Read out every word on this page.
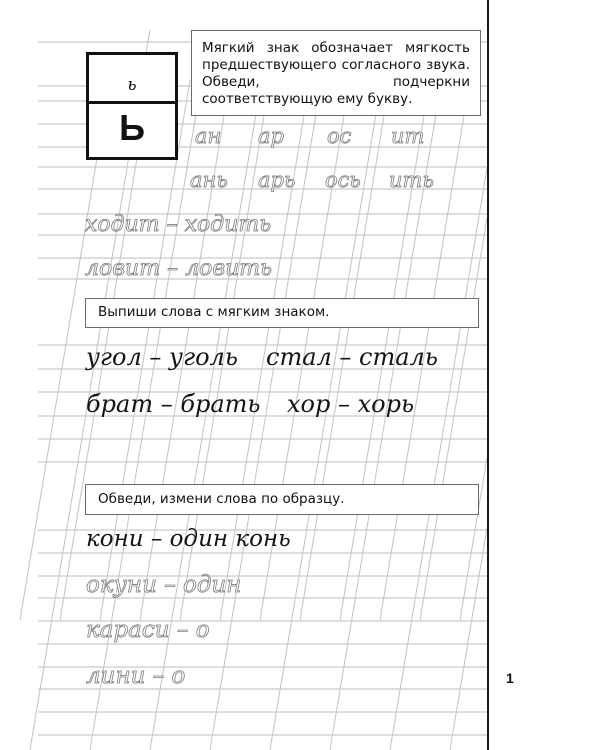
ь
Ь
Мягкий знак обозначает мягкость предшествующего согласного звука. Обведи, подчеркни соответствующую ему букву.
ан ар ос ит
ань арь ось ить
ходит – ходить
ловит – ловить
Выпиши слова с мягким знаком.
угол – уголь стал – сталь
брат – брать хор – хорь
Обведи, измени слова по образцу.
кони – один конь
окуни – один
караси – о
лини – о	1
